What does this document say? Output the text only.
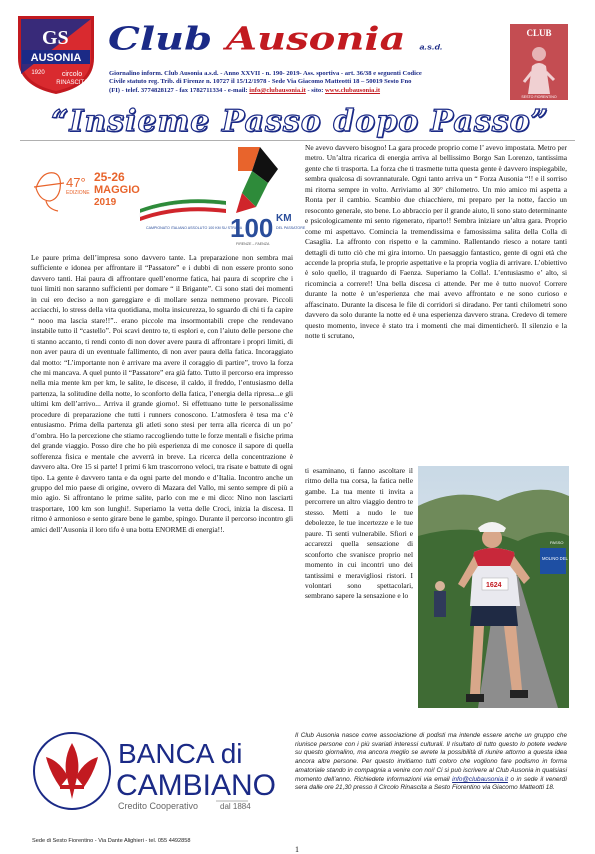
GS
AUSONIA
1920 circolo
RINASCITA
Club Ausonia a.s.d.
Giornalino inform. Club Ausonia a.s.d. - Anno XXVII - n. 190- 2019- Ass. sportiva - art. 36/38 e seguenti Codice
Civile statuto reg. Trib. di Firenze n. 10727 il 15/12/1978 - Sede Via Giacomo Matteotti 18 – 50019 Sesto Fno
(FI) - telef. 3774828127 - fax 1782711334 - e-mail: info@clubausonia.it - sito: www.clubausonia.it
CLUB
SESTO FIORENTINO
“Insieme Passo dopo Passo”
47°
EDIZIONE
25-26
MAGGIO
2019
CAMPIONATO ITALIANO ASSOLUTO 100 KM SU STRADA
100 KM
DEL PASSATORE
FIRENZE – FAENZA
Le paure prima dell’impresa sono davvero tante. La preparazione non sembra mai sufficiente e idonea per affrontare il “Passatore” e i dubbi di non essere pronto sono davvero tanti. Hai paura di affrontare quell’enorme fatica, hai paura di scoprire che i tuoi limiti non saranno sufficienti per domare “ il Brigante”. Ci sono stati dei momenti in cui ero deciso a non gareggiare e di mollare senza nemmeno provare. Piccoli acciacchi, lo stress della vita quotidiana, molta insicurezza, lo sguardo di chi ti fa capire “ nooo ma lascia stare!!”.. erano piccole ma insormontabili crepe che rendevano instabile tutto il “castello”. Poi scavi dentro te, ti esplori e, con l’aiuto delle persone che ti stanno accanto, ti rendi conto di non dover avere paura di affrontare i propri limiti, di non aver paura di un eventuale fallimento, di non aver paura della fatica. Incoraggiato dal motto: “L’importante non è arrivare ma avere il coraggio di partire”, trovo la forza che mi mancava. A quel punto il “Passatore” era già fatto. Tutto il percorso era impresso nella mia mente km per km, le salite, le discese, il caldo, il freddo, l’entusiasmo della partenza, la solitudine della notte, lo sconforto della fatica, l’energia della ripresa...e gli ultimi km dell’arrivo... Arriva il grande giorno!. Si effettuano tutte le personalissime procedure di preparazione che tutti i runners conoscono. L’atmosfera è tesa ma c’è entusiasmo. Prima della partenza gli atleti sono stesi per terra alla ricerca di un po’ d’ombra. Ho la percezione che stiamo raccogliendo tutte le forze mentali e fisiche prima del grande viaggio. Posso dire che ho più esperienza di me conosce il sapore di quella sofferenza fisica e mentale che avverrà in breve. La ricerca della concentrazione è davvero alta. Ore 15 si parte! I primi 6 km trascorrono veloci, tra risate e battute di ogni tipo. La gente è davvero tanta e da ogni parte del mondo e d’Italia. Incontro anche un gruppo del mio paese di origine, ovvero di Mazara del Vallo, mi sento sempre di più a mio agio. Si affrontano le prime salite, parlo con me e mi dico: Nino non lasciarti trasportare, 100 km son lunghi!. Superiamo la vetta delle Croci, inizia la discesa. Il ritmo è armonioso e sento girare bene le gambe, spingo. Durante il percorso incontro gli amici dell’Ausonia il loro tifo è una botta ENORME di energia!!.
Ne avevo davvero bisogno! La gara procede proprio come l’ avevo impostata. Metro per metro. Un’altra ricarica di energia arriva al bellissimo Borgo San Lorenzo, tantissima gente che ti trasporta. La forza che ti trasmette tutta questa gente è davvero inspiegabile, sembra qualcosa di sovrannaturale. Ogni tanto arriva un “ Forza Ausonia “!! e il sorriso mi ritorna sempre in volto. Arriviamo al 30° chilometro. Un mio amico mi aspetta a Ronta per il cambio. Scambio due chiacchiere, mi preparo per la notte, faccio un resoconto generale, sto bene. Lo abbraccio per il grande aiuto, lì sono stato determinante e psicologicamente mi sento rigenerato, riparto!! Sembra iniziare un’altra gara. Proprio come mi aspettavo. Comincia la tremendissima e famosissima salita della Colla di Casaglia. La affronto con rispetto e la cammino. Rallentando riesco a notare tanti dettagli di tutto ciò che mi gira intorno. Un paesaggio fantastico, gente di ogni età che accende la propria stufa, le proprie aspettative e la propria voglia di arrivare. L’obiettivo è solo quello, il traguardo di Faenza. Superiamo la Colla!. L’entusiasmo e’ alto, si ricomincia a correre!! Una bella discesa ci attende. Per me è tutto nuovo! Correre durante la notte è un’esperienza che mai avevo affrontato e ne sono curioso e affascinato. Durante la discesa le file di corridori si diradano. Per tanti chilometri sono davvero da solo durante la notte ed è una esperienza davvero strana. Credevo di temere questo momento, invece è stato tra i momenti che mai dimenticherò. Il silenzio e la notte ti scrutano,
ti esaminano, ti fanno ascoltare il ritmo della tua corsa, la fatica nelle gambe. La tua mente ti invita a percorrere un altro viaggio dentro te stesso. Metti a nudo le tue debolezze, le tue incertezze e le tue paure. Ti senti vulnerabile. Sfiori e accarezzi quella sensazione di sconforto che svanisce proprio nel momento in cui incontri uno dei tantissimi e meravigliosi ristori. I volontari sono spettacolari, sembrano sapere la sensazione e lo
MOLINO DEL PIANO
PASSO
1624
BANCA di
CAMBIANO
Credito Cooperativo	dal 1884
Sede di Sesto Fiorentino - Via Dante Alighieri - tel. 055 4492858
Il Club Ausonia nasce come associazione di podisti ma intende essere anche un gruppo che riunisce persone con i più svariati interessi culturali. Il risultato di tutto questo lo potete vedere su questo giornalino, ma ancora meglio se avrete la possibilità di riunire attorno a questa idea ancora altre persone. Per questo invitiamo tutti coloro che vogliono fare podismo in forma amatoriale stando in compagnia a venire con noi! Ci si può iscrivere al Club Ausonia in qualsiasi momento dell’anno. Richiedete informazioni via email info@clubausonia.it o in sede il venerdì sera dalle ore 21,30 presso il Circolo Rinascita a Sesto Fiorentino via Giacomo Matteotti 18.
1
